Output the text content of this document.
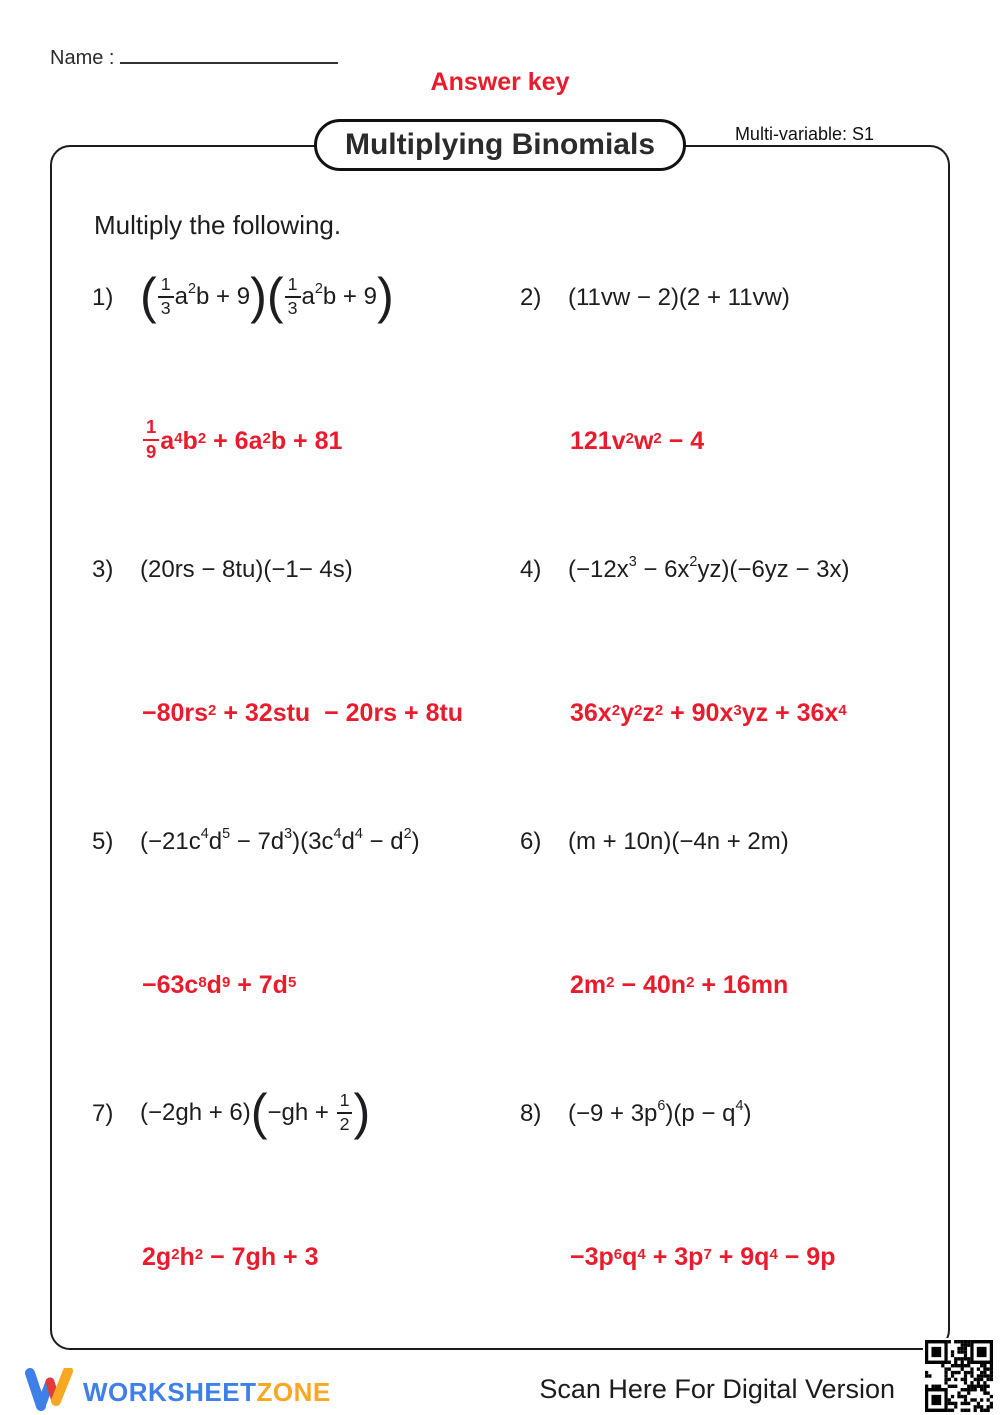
Name :
Answer key
Multiplying Binomials	Multi-variable: S1
Multiply the following.
1) ( $\frac{1}{3} a^2b + 9)( \frac{1}{3} a^2b + 9)$
$\frac{1}{9} a^4$ $b^2 + 6a^2$ b + 81
2)	(11vw − 2)(2 + 11vw)
$121v^2$ $w^2 - 4$
3)	(20rs − 8tu)(−1− 4s)
$-80rs^2 + 32stu - 20rs + 8tu$
4)	$(-12x^3 - 6x^2yz)(-6yz - 3x)$
$36x^2$ $y^2$ $z^2 + 90x^3$ yz + $36x^4$
5)	$(-21c^4d^5 - 7d^3)(3c^4d^4 - d^2)$
$-63c^8$ $d^9 + 7d^5$
6)	(m + 10n)(−4n + 2m)
$2m^2 - 40n^2 + 16mn$
7)	$(-2gh + 6)(-gh + \frac{1}{2}$ )
$2g^2$ $h^2 - 7gh + 3$
8)	$(-9 + 3p^6)(p - q^4)$
$-3p^6$ $q^4 + 3p^7 + 9q^4 - 9p$
WORKSHEETZONE	Scan Here For Digital Version
